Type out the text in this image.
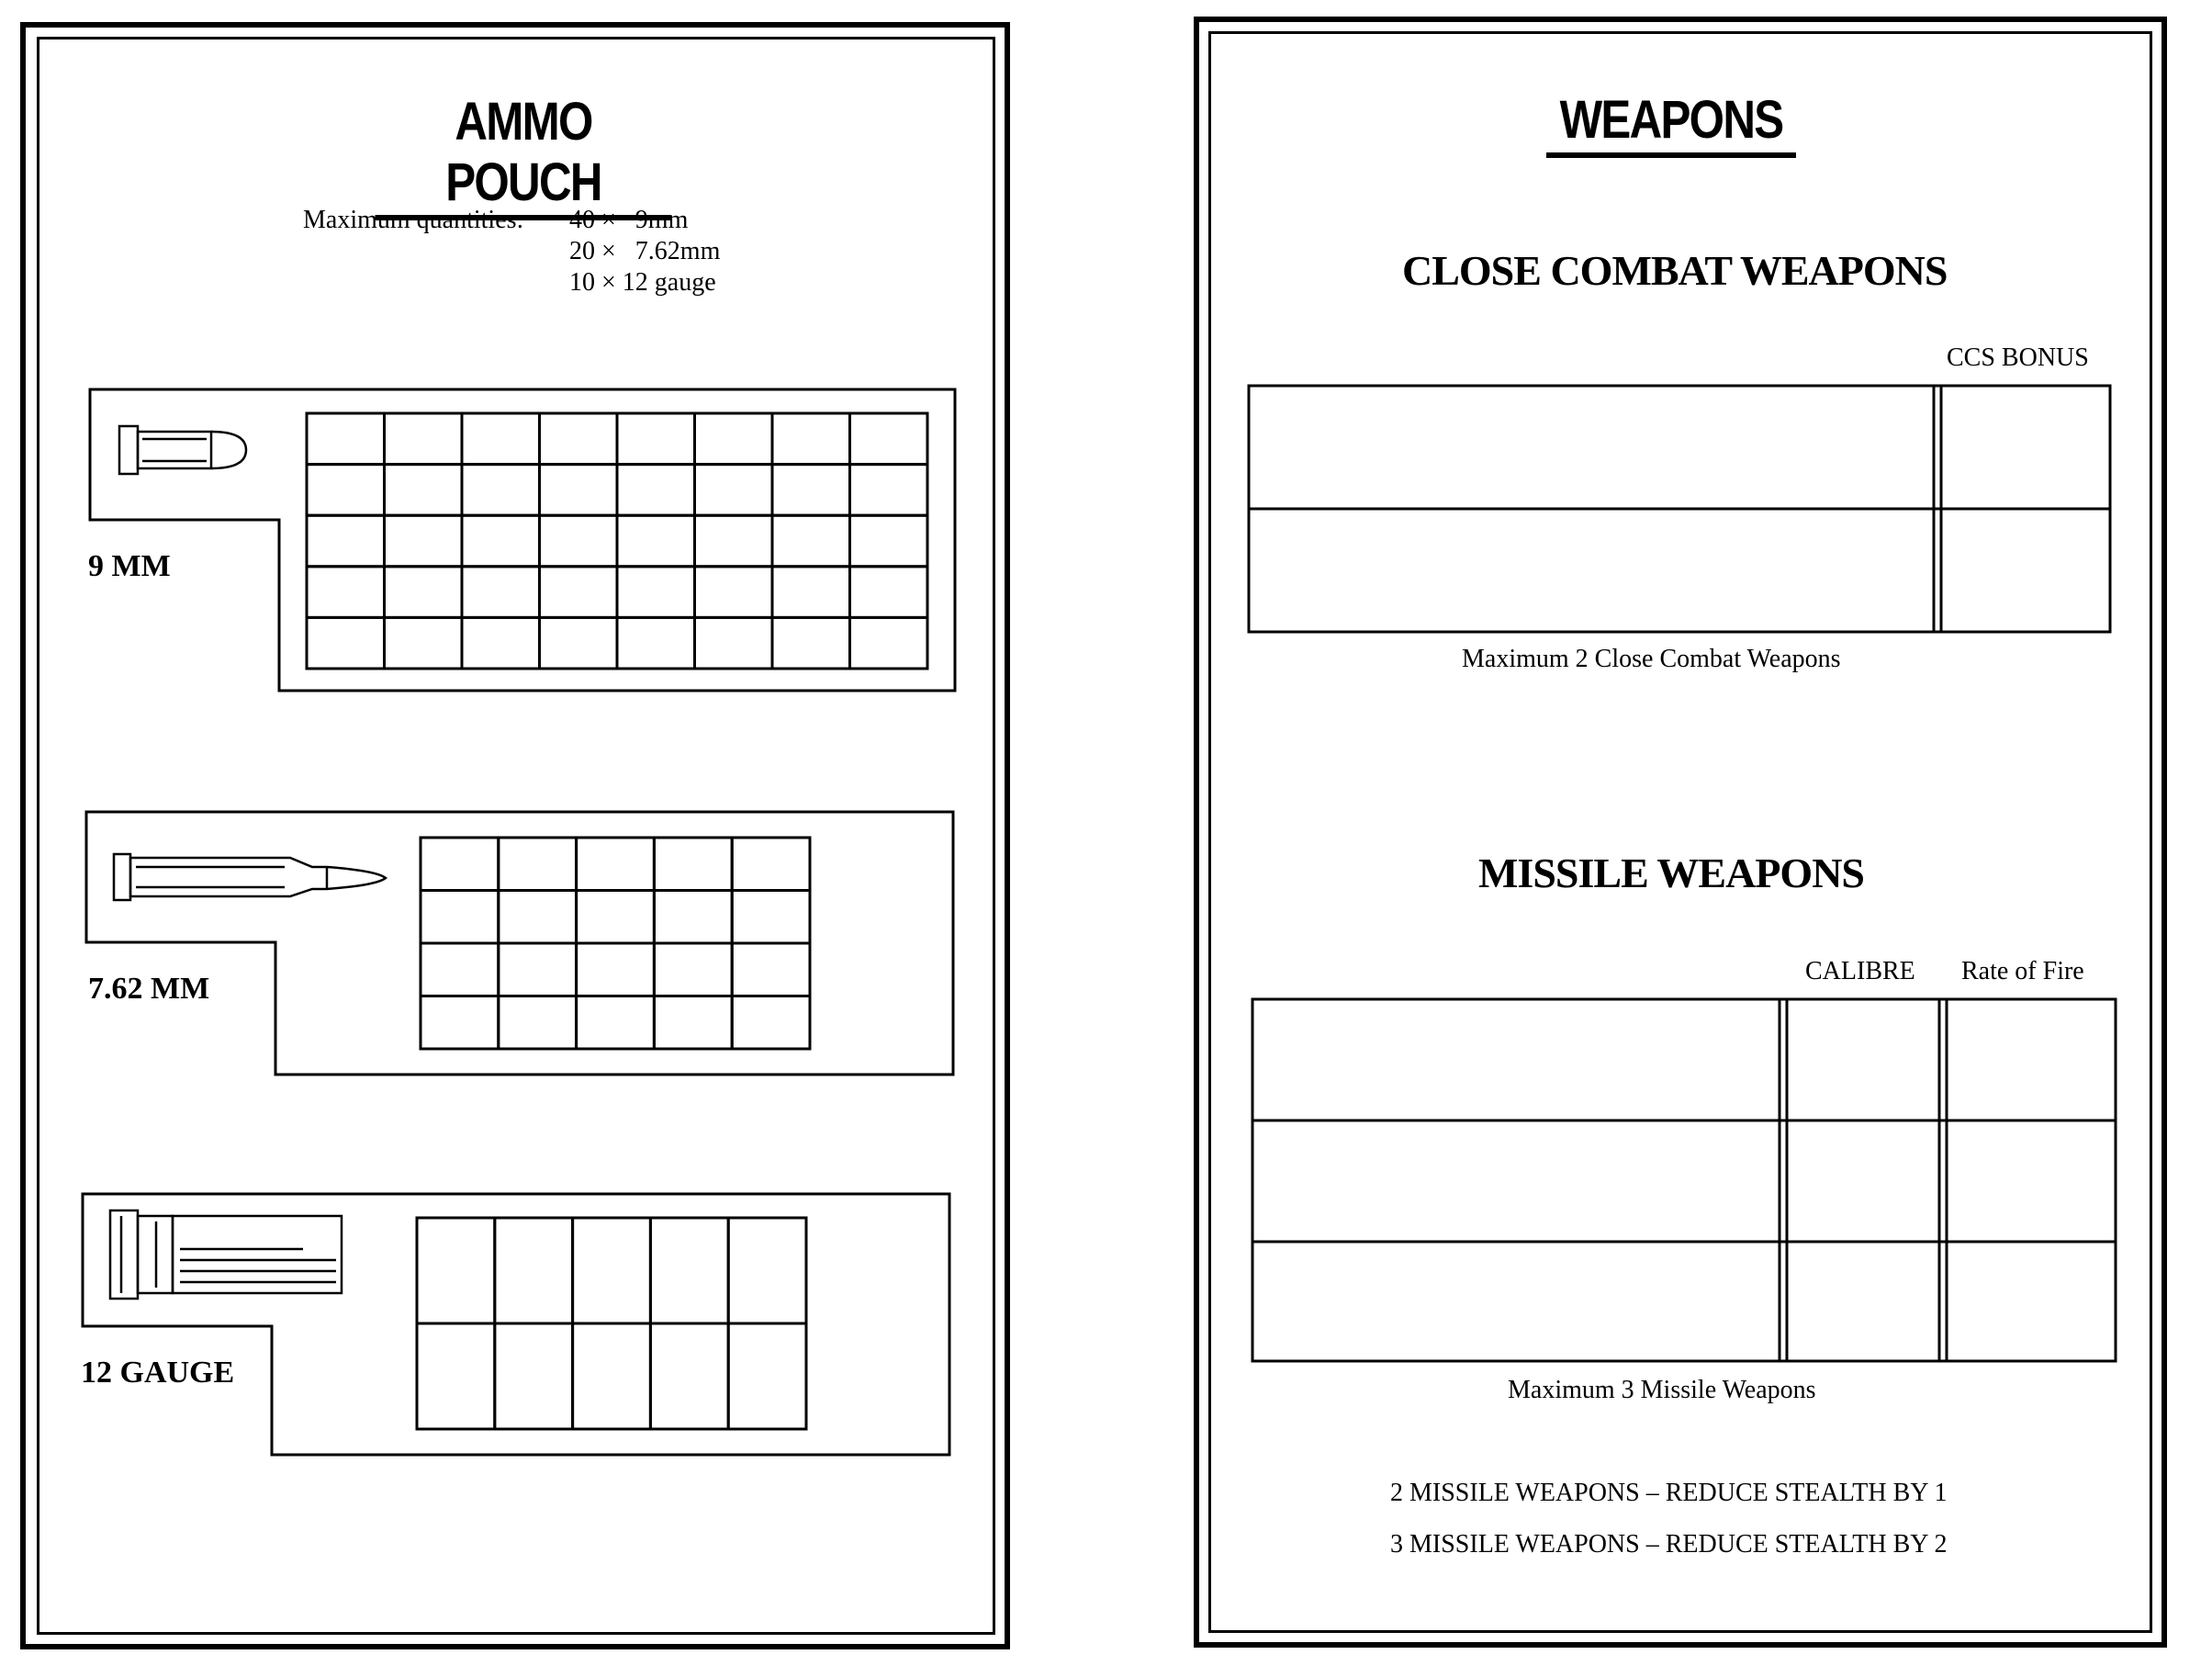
AMMO POUCH
Maximum quantities: 40 ×   9mm
20 ×   7.62mm
10 × 12 gauge
9 MM
7.62 MM
12 GAUGE
WEAPONS
CLOSE COMBAT WEAPONS
CCS BONUS
Maximum 2 Close Combat Weapons
MISSILE WEAPONS
CALIBRE Rate of Fire
Maximum 3 Missile Weapons
2 MISSILE WEAPONS – REDUCE STEALTH BY 1
3 MISSILE WEAPONS – REDUCE STEALTH BY 2
